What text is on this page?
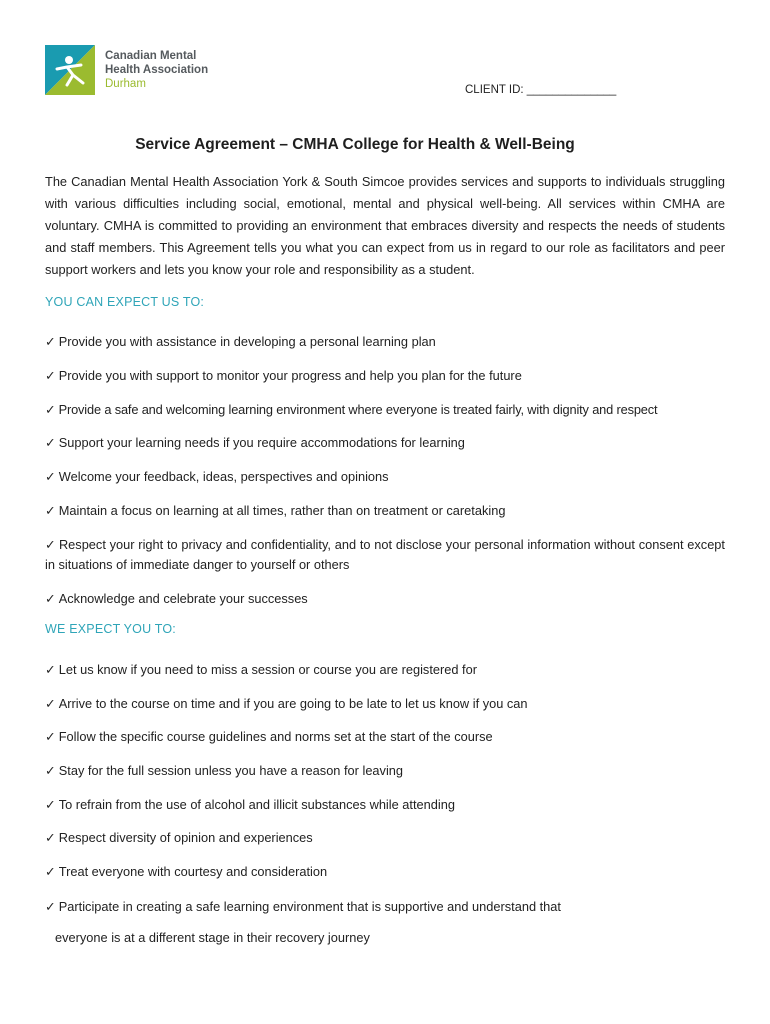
Canadian Mental
Health Association
Durham	CLIENT ID: ______________
Service Agreement – CMHA College for Health & Well-Being
The Canadian Mental Health Association York & South Simcoe provides services and supports to individuals struggling with various difficulties including social, emotional, mental and physical well-being. All services within CMHA are voluntary. CMHA is committed to providing an environment that embraces diversity and respects the needs of students and staff members. This Agreement tells you what you can expect from us in regard to our role as facilitators and peer support workers and lets you know your role and responsibility as a student.
YOU CAN EXPECT US TO:
✓ Provide you with assistance in developing a personal learning plan
✓ Provide you with support to monitor your progress and help you plan for the future
✓ Provide a safe and welcoming learning environment where everyone is treated fairly, with dignity and respect
✓ Support your learning needs if you require accommodations for learning
✓ Welcome your feedback, ideas, perspectives and opinions
✓ Maintain a focus on learning at all times, rather than on treatment or caretaking
✓ Respect your right to privacy and confidentiality, and to not disclose your personal information without consent except in situations of immediate danger to yourself or others
✓ Acknowledge and celebrate your successes
WE EXPECT YOU TO:
✓ Let us know if you need to miss a session or course you are registered for
✓ Arrive to the course on time and if you are going to be late to let us know if you can
✓ Follow the specific course guidelines and norms set at the start of the course
✓ Stay for the full session unless you have a reason for leaving
✓ To refrain from the use of alcohol and illicit substances while attending
✓ Respect diversity of opinion and experiences
✓ Treat everyone with courtesy and consideration
✓ Participate in creating a safe learning environment that is supportive and understand that
everyone is at a different stage in their recovery journey
